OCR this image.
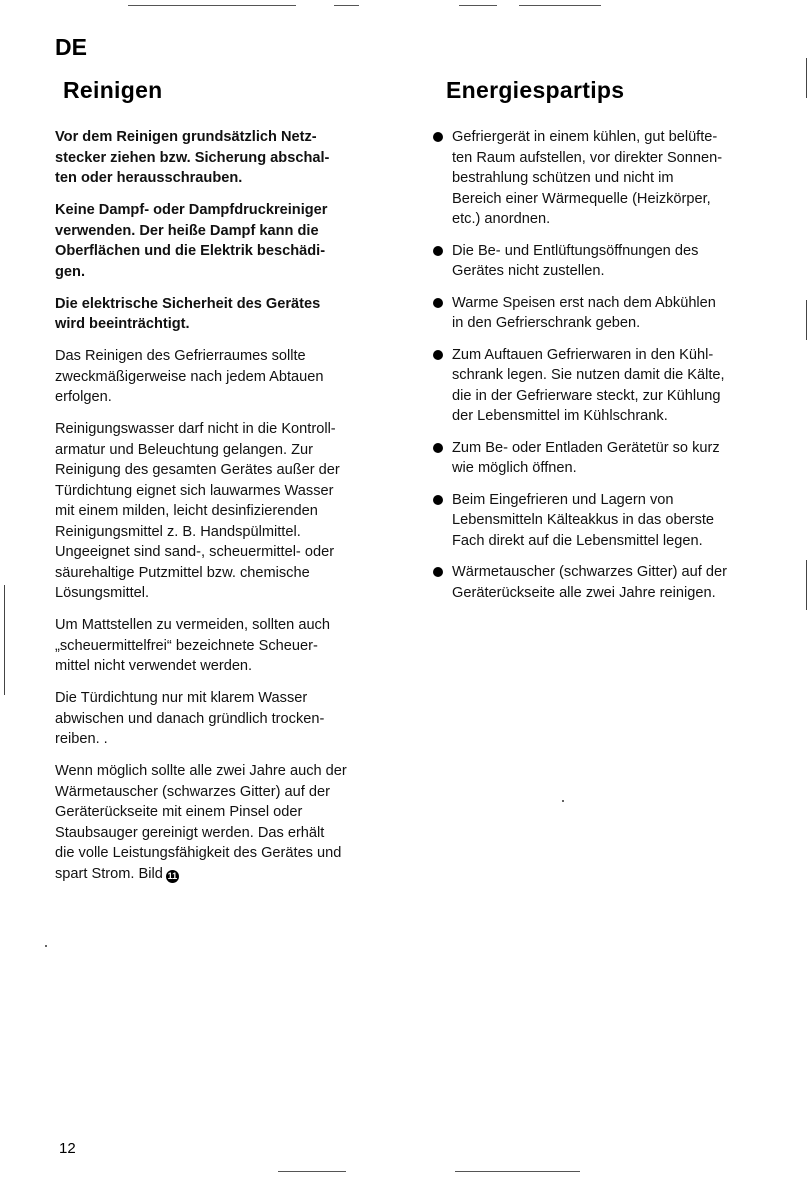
DE
Reinigen	Energiespartips

Vor dem Reinigen grundsätzlich Netz-
stecker ziehen bzw. Sicherung abschal-
ten oder herausschrauben.

Keine Dampf- oder Dampfdruckreiniger
verwenden. Der heiße Dampf kann die
Oberflächen und die Elektrik beschädi-
gen.

Die elektrische Sicherheit des Gerätes
wird beeinträchtigt.

Das Reinigen des Gefrierraumes sollte
zweckmäßigerweise nach jedem Abtauen
erfolgen.

Reinigungswasser darf nicht in die Kontroll-
armatur und Beleuchtung gelangen. Zur
Reinigung des gesamten Gerätes außer der
Türdichtung eignet sich lauwarmes Wasser
mit einem milden, leicht desinfizierenden
Reinigungsmittel z. B. Handspülmittel.
Ungeeignet sind sand-, scheuermittel- oder
säurehaltige Putzmittel bzw. chemische
Lösungsmittel.

Um Mattstellen zu vermeiden, sollten auch
„scheuermittelfrei“ bezeichnete Scheuer-
mittel nicht verwendet werden.

Die Türdichtung nur mit klarem Wasser
abwischen und danach gründlich trocken-
reiben. .

Wenn möglich sollte alle zwei Jahre auch der
Wärmetauscher (schwarzes Gitter) auf der
Geräterückseite mit einem Pinsel oder
Staubsauger gereinigt werden. Das erhält
die volle Leistungsfähigkeit des Gerätes und
spart Strom. Bild 11

Gefriergerät in einem kühlen, gut belüfte-
ten Raum aufstellen, vor direkter Sonnen-
bestrahlung schützen und nicht im
Bereich einer Wärmequelle (Heizkörper,
etc.) anordnen.
Die Be- und Entlüftungsöffnungen des
Gerätes nicht zustellen.
Warme Speisen erst nach dem Abkühlen
in den Gefrierschrank geben.
Zum Auftauen Gefrierwaren in den Kühl-
schrank legen. Sie nutzen damit die Kälte,
die in der Gefrierware steckt, zur Kühlung
der Lebensmittel im Kühlschrank.
Zum Be- oder Entladen Gerätetür so kurz
wie möglich öffnen.
Beim Eingefrieren und Lagern von
Lebensmitteln Kälteakkus in das oberste
Fach direkt auf die Lebensmittel legen.
Wärmetauscher (schwarzes Gitter) auf der
Geräterückseite alle zwei Jahre reinigen.
12
